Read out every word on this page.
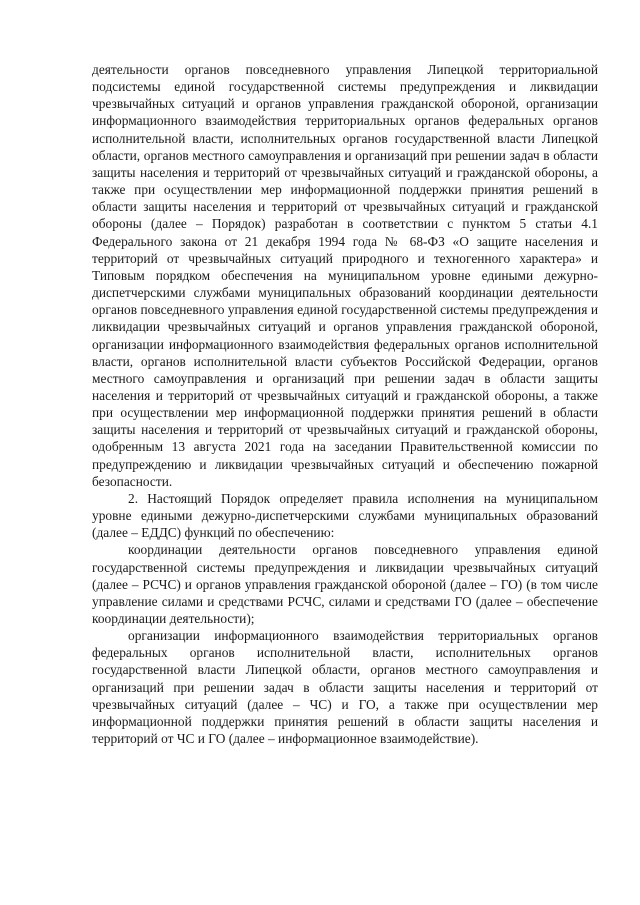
деятельности органов повседневного управления Липецкой территориальной подсистемы единой государственной системы предупреждения и ликвидации чрезвычайных ситуаций и органов управления гражданской обороной, организации информационного взаимодействия территориальных органов федеральных органов исполнительной власти, исполнительных органов государственной власти Липецкой области, органов местного самоуправления и организаций при решении задач в области защиты населения и территорий от чрезвычайных ситуаций и гражданской обороны, а также при осуществлении мер информационной поддержки принятия решений в области защиты населения и территорий от чрезвычайных ситуаций и гражданской обороны (далее – Порядок) разработан в соответствии с пунктом 5 статьи 4.1 Федерального закона от 21 декабря 1994 года № 68-ФЗ «О защите населения и территорий от чрезвычайных ситуаций природного и техногенного характера» и Типовым порядком обеспечения на муниципальном уровне едиными дежурно-диспетчерскими службами муниципальных образований координации деятельности органов повседневного управления единой государственной системы предупреждения и ликвидации чрезвычайных ситуаций и органов управления гражданской обороной, организации информационного взаимодействия федеральных органов исполнительной власти, органов исполнительной власти субъектов Российской Федерации, органов местного самоуправления и организаций при решении задач в области защиты населения и территорий от чрезвычайных ситуаций и гражданской обороны, а также при осуществлении мер информационной поддержки принятия решений в области защиты населения и территорий от чрезвычайных ситуаций и гражданской обороны, одобренным 13 августа 2021 года на заседании Правительственной комиссии по предупреждению и ликвидации чрезвычайных ситуаций и обеспечению пожарной безопасности.

2. Настоящий Порядок определяет правила исполнения на муниципальном уровне едиными дежурно-диспетчерскими службами муниципальных образований (далее – ЕДДС) функций по обеспечению:

координации деятельности органов повседневного управления единой государственной системы предупреждения и ликвидации чрезвычайных ситуаций (далее – РСЧС) и органов управления гражданской обороной (далее – ГО) (в том числе управление силами и средствами РСЧС, силами и средствами ГО (далее – обеспечение координации деятельности);

организации информационного взаимодействия территориальных органов федеральных органов исполнительной власти, исполнительных органов государственной власти Липецкой области, органов местного самоуправления и организаций при решении задач в области защиты населения и территорий от чрезвычайных ситуаций (далее – ЧС) и ГО, а также при осуществлении мер информационной поддержки принятия решений в области защиты населения и территорий от ЧС и ГО (далее – информационное взаимодействие).
